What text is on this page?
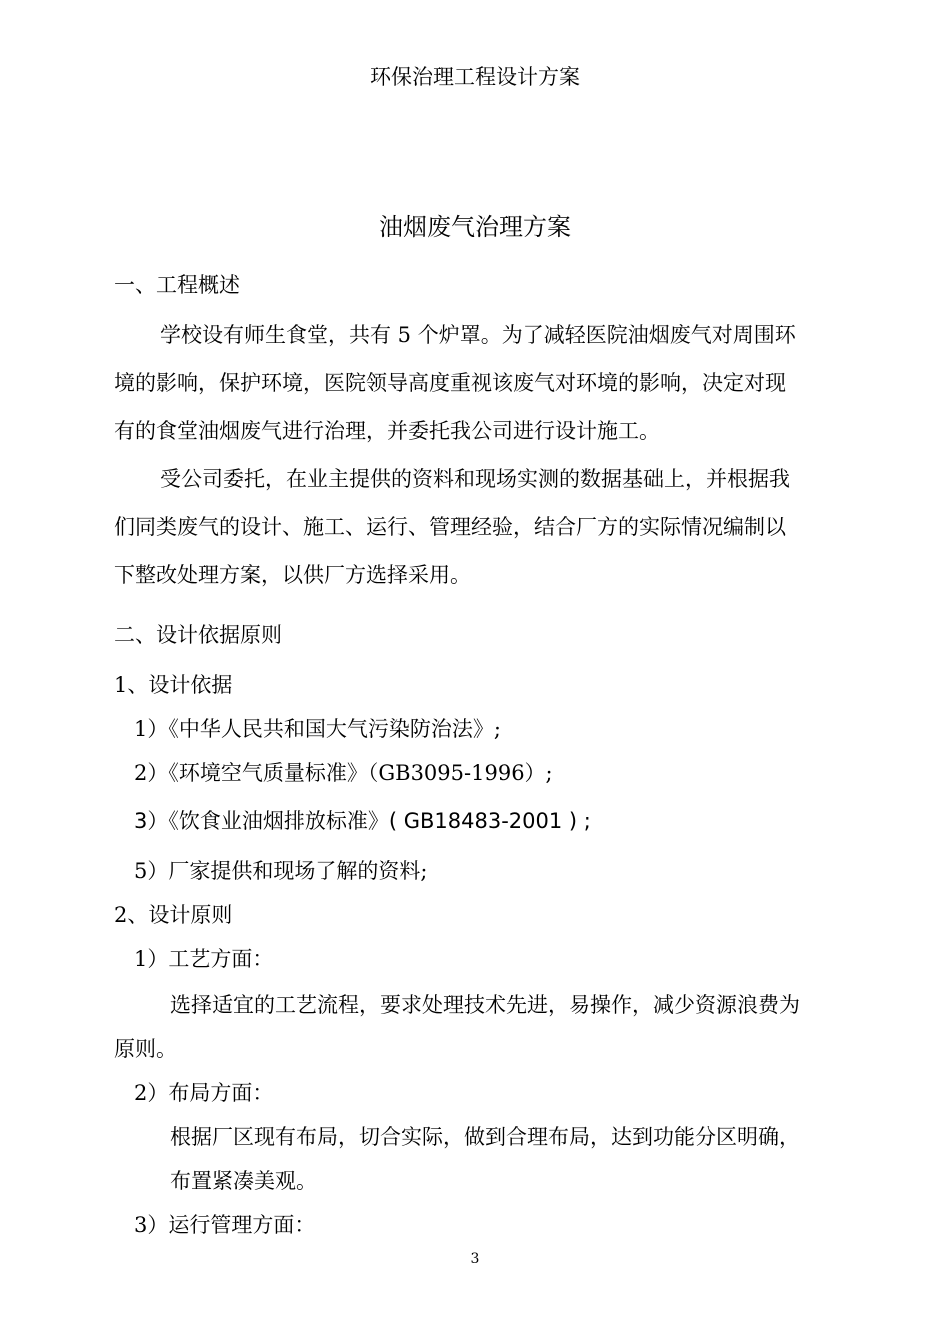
环保治理工程设计方案
油烟废气治理方案
一、工程概述
学校设有师生食堂，共有 5 个炉罩。为了减轻医院油烟废气对周围环
境的影响，保护环境，医院领导高度重视该废气对环境的影响，决定对现
有的食堂油烟废气进行治理，并委托我公司进行设计施工。
受公司委托，在业主提供的资料和现场实测的数据基础上，并根据我
们同类废气的设计、施工、运行、管理经验，结合厂方的实际情况编制以
下整改处理方案，以供厂方选择采用。
二、设计依据原则
1、设计依据
1）《中华人民共和国大气污染防治法》;
2）《环境空气质量标准》（GB3095-1996）;
3）《饮食业油烟排放标准》( GB18483-2001 ) ;
5）厂家提供和现场了解的资料;
2、设计原则
1）工艺方面：
选择适宜的工艺流程，要求处理技术先进，易操作，减少资源浪费为
原则。
2）布局方面：
根据厂区现有布局，切合实际，做到合理布局，达到功能分区明确，
布置紧凑美观。
3）运行管理方面：
3
